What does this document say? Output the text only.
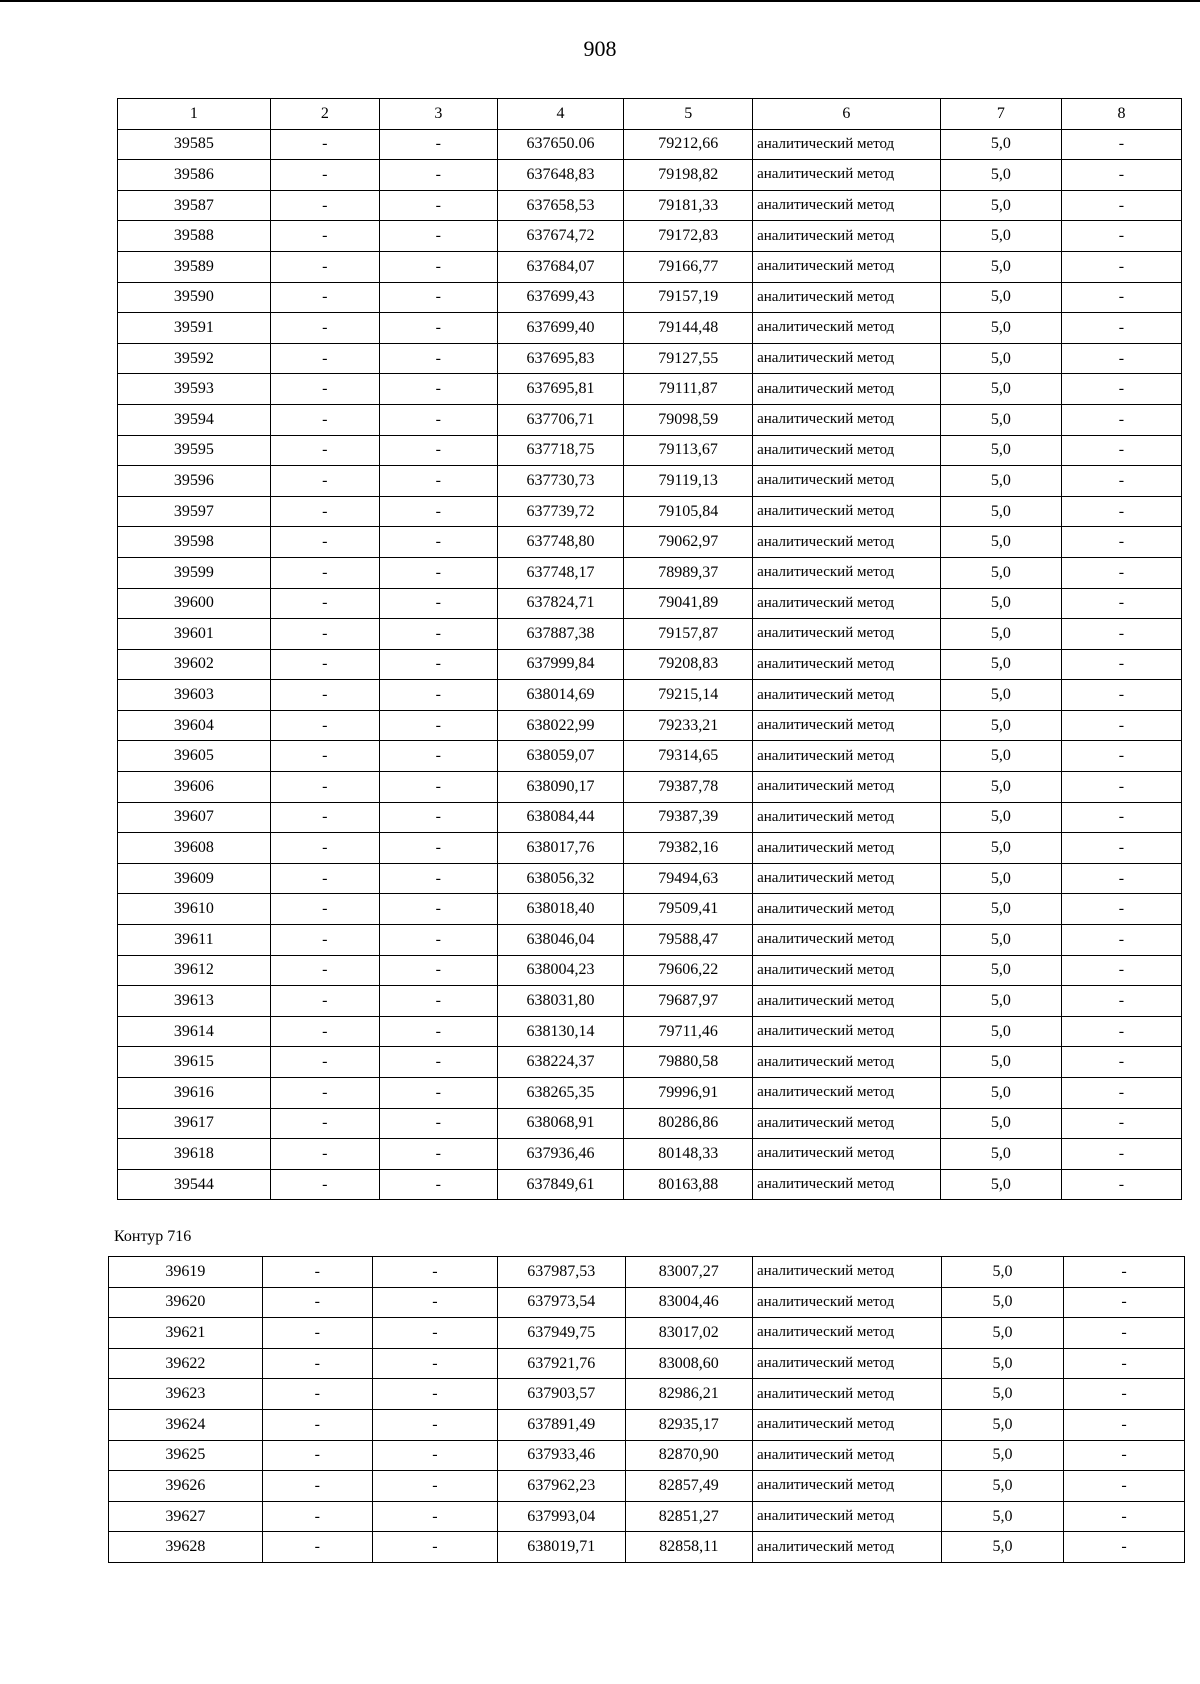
908
1	2	3	4	5	6	7	8
39585	-	-	637650.06	79212,66	аналитический метод	5,0	-
39586	-	-	637648,83	79198,82	аналитический метод	5,0	-
39587	-	-	637658,53	79181,33	аналитический метод	5,0	-
39588	-	-	637674,72	79172,83	аналитический метод	5,0	-
39589	-	-	637684,07	79166,77	аналитический метод	5,0	-
39590	-	-	637699,43	79157,19	аналитический метод	5,0	-
39591	-	-	637699,40	79144,48	аналитический метод	5,0	-
39592	-	-	637695,83	79127,55	аналитический метод	5,0	-
39593	-	-	637695,81	79111,87	аналитический метод	5,0	-
39594	-	-	637706,71	79098,59	аналитический метод	5,0	-
39595	-	-	637718,75	79113,67	аналитический метод	5,0	-
39596	-	-	637730,73	79119,13	аналитический метод	5,0	-
39597	-	-	637739,72	79105,84	аналитический метод	5,0	-
39598	-	-	637748,80	79062,97	аналитический метод	5,0	-
39599	-	-	637748,17	78989,37	аналитический метод	5,0	-
39600	-	-	637824,71	79041,89	аналитический метод	5,0	-
39601	-	-	637887,38	79157,87	аналитический метод	5,0	-
39602	-	-	637999,84	79208,83	аналитический метод	5,0	-
39603	-	-	638014,69	79215,14	аналитический метод	5,0	-
39604	-	-	638022,99	79233,21	аналитический метод	5,0	-
39605	-	-	638059,07	79314,65	аналитический метод	5,0	-
39606	-	-	638090,17	79387,78	аналитический метод	5,0	-
39607	-	-	638084,44	79387,39	аналитический метод	5,0	-
39608	-	-	638017,76	79382,16	аналитический метод	5,0	-
39609	-	-	638056,32	79494,63	аналитический метод	5,0	-
39610	-	-	638018,40	79509,41	аналитический метод	5,0	-
39611	-	-	638046,04	79588,47	аналитический метод	5,0	-
39612	-	-	638004,23	79606,22	аналитический метод	5,0	-
39613	-	-	638031,80	79687,97	аналитический метод	5,0	-
39614	-	-	638130,14	79711,46	аналитический метод	5,0	-
39615	-	-	638224,37	79880,58	аналитический метод	5,0	-
39616	-	-	638265,35	79996,91	аналитический метод	5,0	-
39617	-	-	638068,91	80286,86	аналитический метод	5,0	-
39618	-	-	637936,46	80148,33	аналитический метод	5,0	-
39544	-	-	637849,61	80163,88	аналитический метод	5,0	-
Контур 716
39619	-	-	637987,53	83007,27	аналитический метод	5,0	-
39620	-	-	637973,54	83004,46	аналитический метод	5,0	-
39621	-	-	637949,75	83017,02	аналитический метод	5,0	-
39622	-	-	637921,76	83008,60	аналитический метод	5,0	-
39623	-	-	637903,57	82986,21	аналитический метод	5,0	-
39624	-	-	637891,49	82935,17	аналитический метод	5,0	-
39625	-	-	637933,46	82870,90	аналитический метод	5,0	-
39626	-	-	637962,23	82857,49	аналитический метод	5,0	-
39627	-	-	637993,04	82851,27	аналитический метод	5,0	-
39628	-	-	638019,71	82858,11	аналитический метод	5,0	-
